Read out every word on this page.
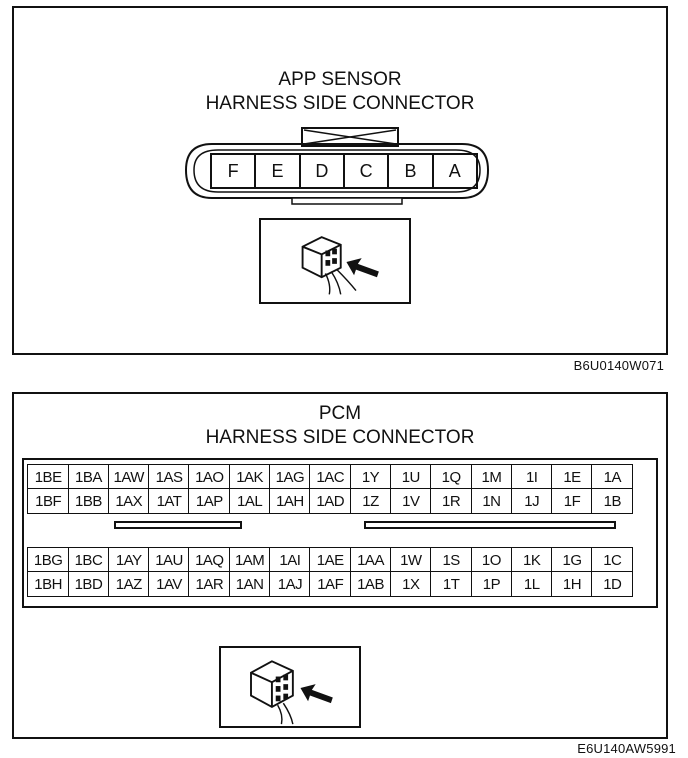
APP SENSOR
HARNESS SIDE CONNECTOR
F	E	D	C	B	A
B6U0140W071
PCM
HARNESS SIDE CONNECTOR
1BE 1BA 1AW 1AS 1AO 1AK 1AG 1AC	1Y	1U	1Q	1M	1I	1E	1A
1BF 1BB 1AX 1AT 1AP 1AL 1AH 1AD	1Z	1V	1R	1N	1J	1F	1B
1BG 1BC 1AY 1AU 1AQ 1AM	1AI	1AE 1AA	1W	1S	1O	1K	1G	1C
1BH 1BD 1AZ 1AV 1AR 1AN 1AJ	1AF 1AB	1X	1T	1P	1L	1H	1D
E6U140AW5991
